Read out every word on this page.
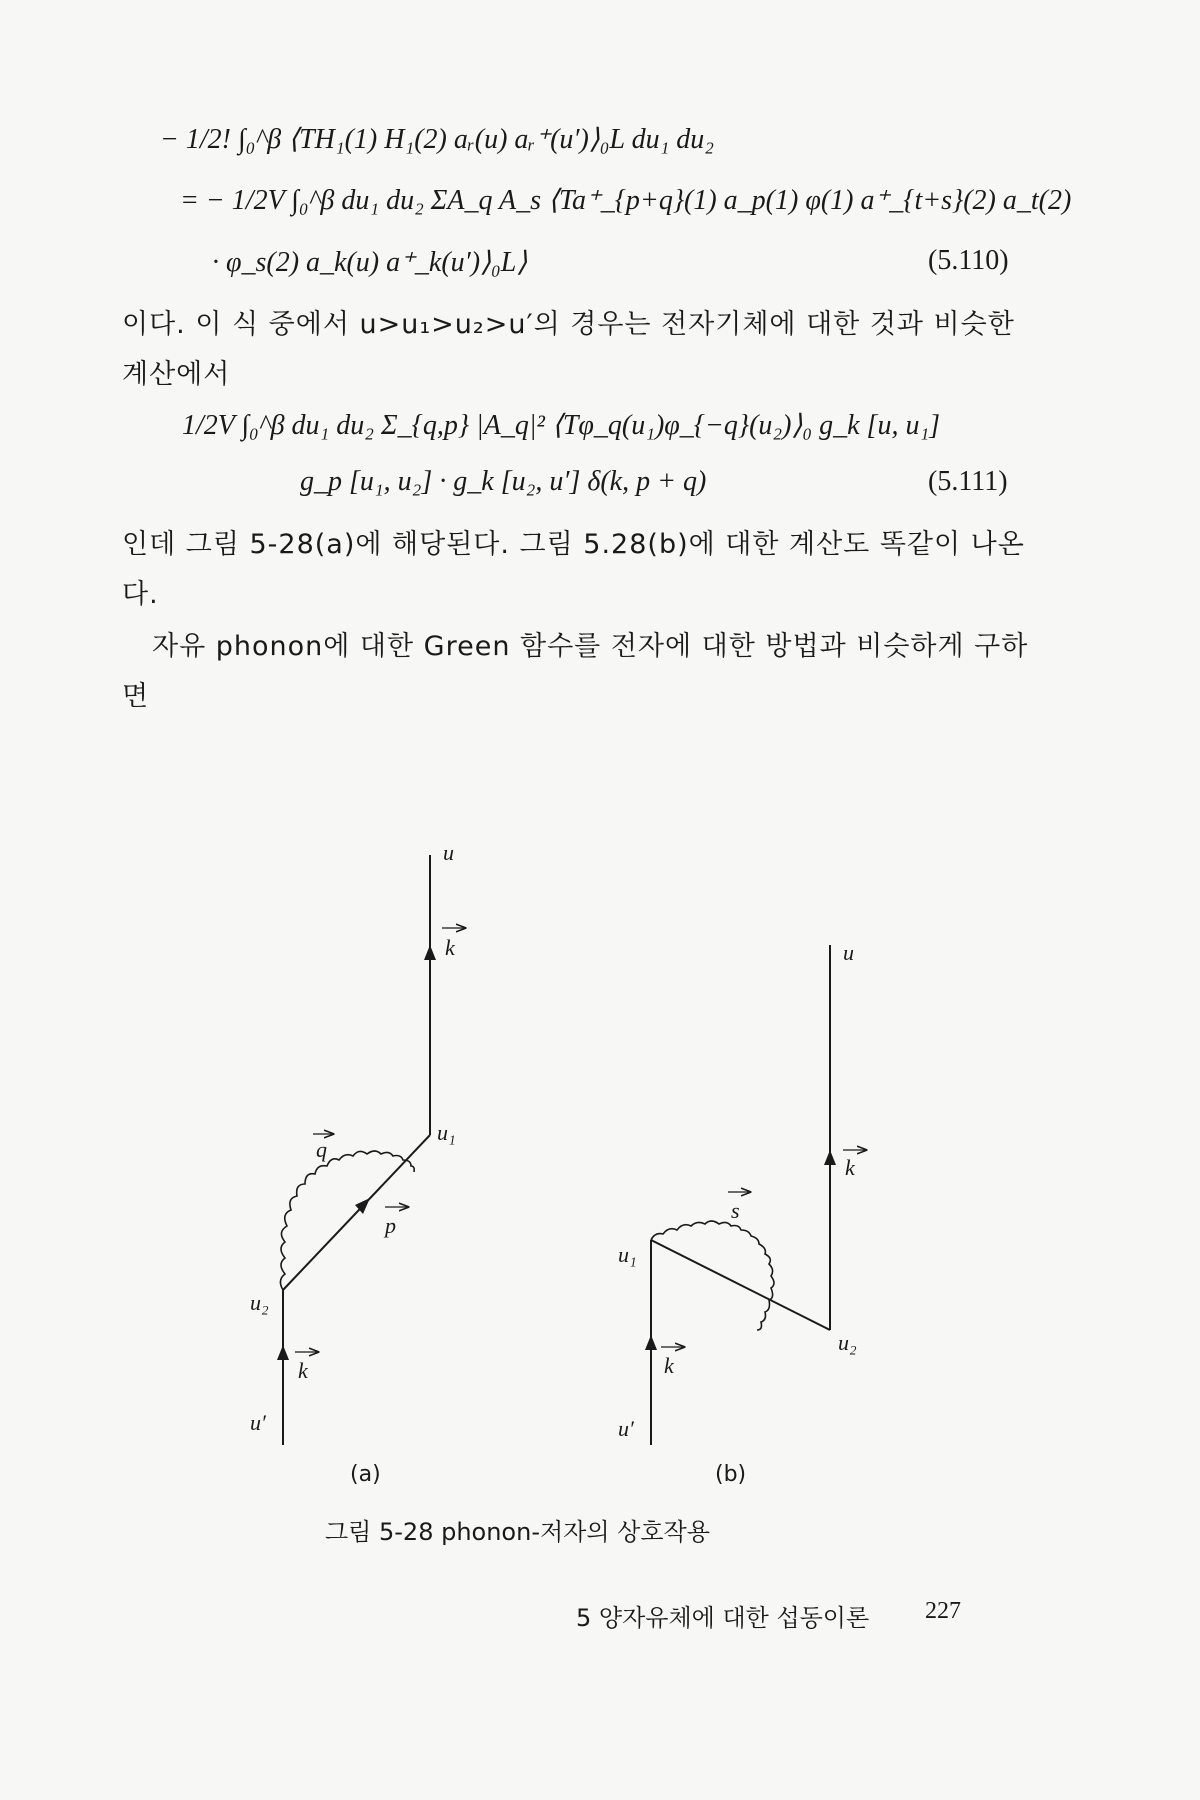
− 1/2! ∫₀^β ⟨TH₁(1) H₁(2) aᵣ(u) aᵣ⁺(u′)⟩₀L du₁ du₂
= − 1/2V ∫₀^β du₁ du₂ ΣA_q A_s ⟨Ta⁺_{p+q}(1) a_p(1) φ(1) a⁺_{t+s}(2) a_t(2)
· φ_s(2) a_k(u) a⁺_k(u′)⟩₀L⟩	(5.110)
이다. 이 식 중에서 u>u₁>u₂>u′의 경우는 전자기체에 대한 것과 비슷한 계산에서
1/2V ∫₀^β du₁ du₂ Σ_{q,p} |A_q|² ⟨Tφ_q(u₁)φ_{−q}(u₂)⟩₀ g_k [u, u₁]
g_p [u₁, u₂] · g_k [u₂, u′] δ(k, p + q)	(5.111)
인데 그림 5-28(a)에 해당된다. 그림 5.28(b)에 대한 계산도 똑같이 나온다.
자유 phonon에 대한 Green 함수를 전자에 대한 방법과 비슷하게 구하면
u
k
u₁
q
p
u₂
k
u′
u
k
s
u₁
u₂
k
u′
(a)	(b)
그림 5-28 phonon-저자의 상호작용
5 양자유체에 대한 섭동이론 227
